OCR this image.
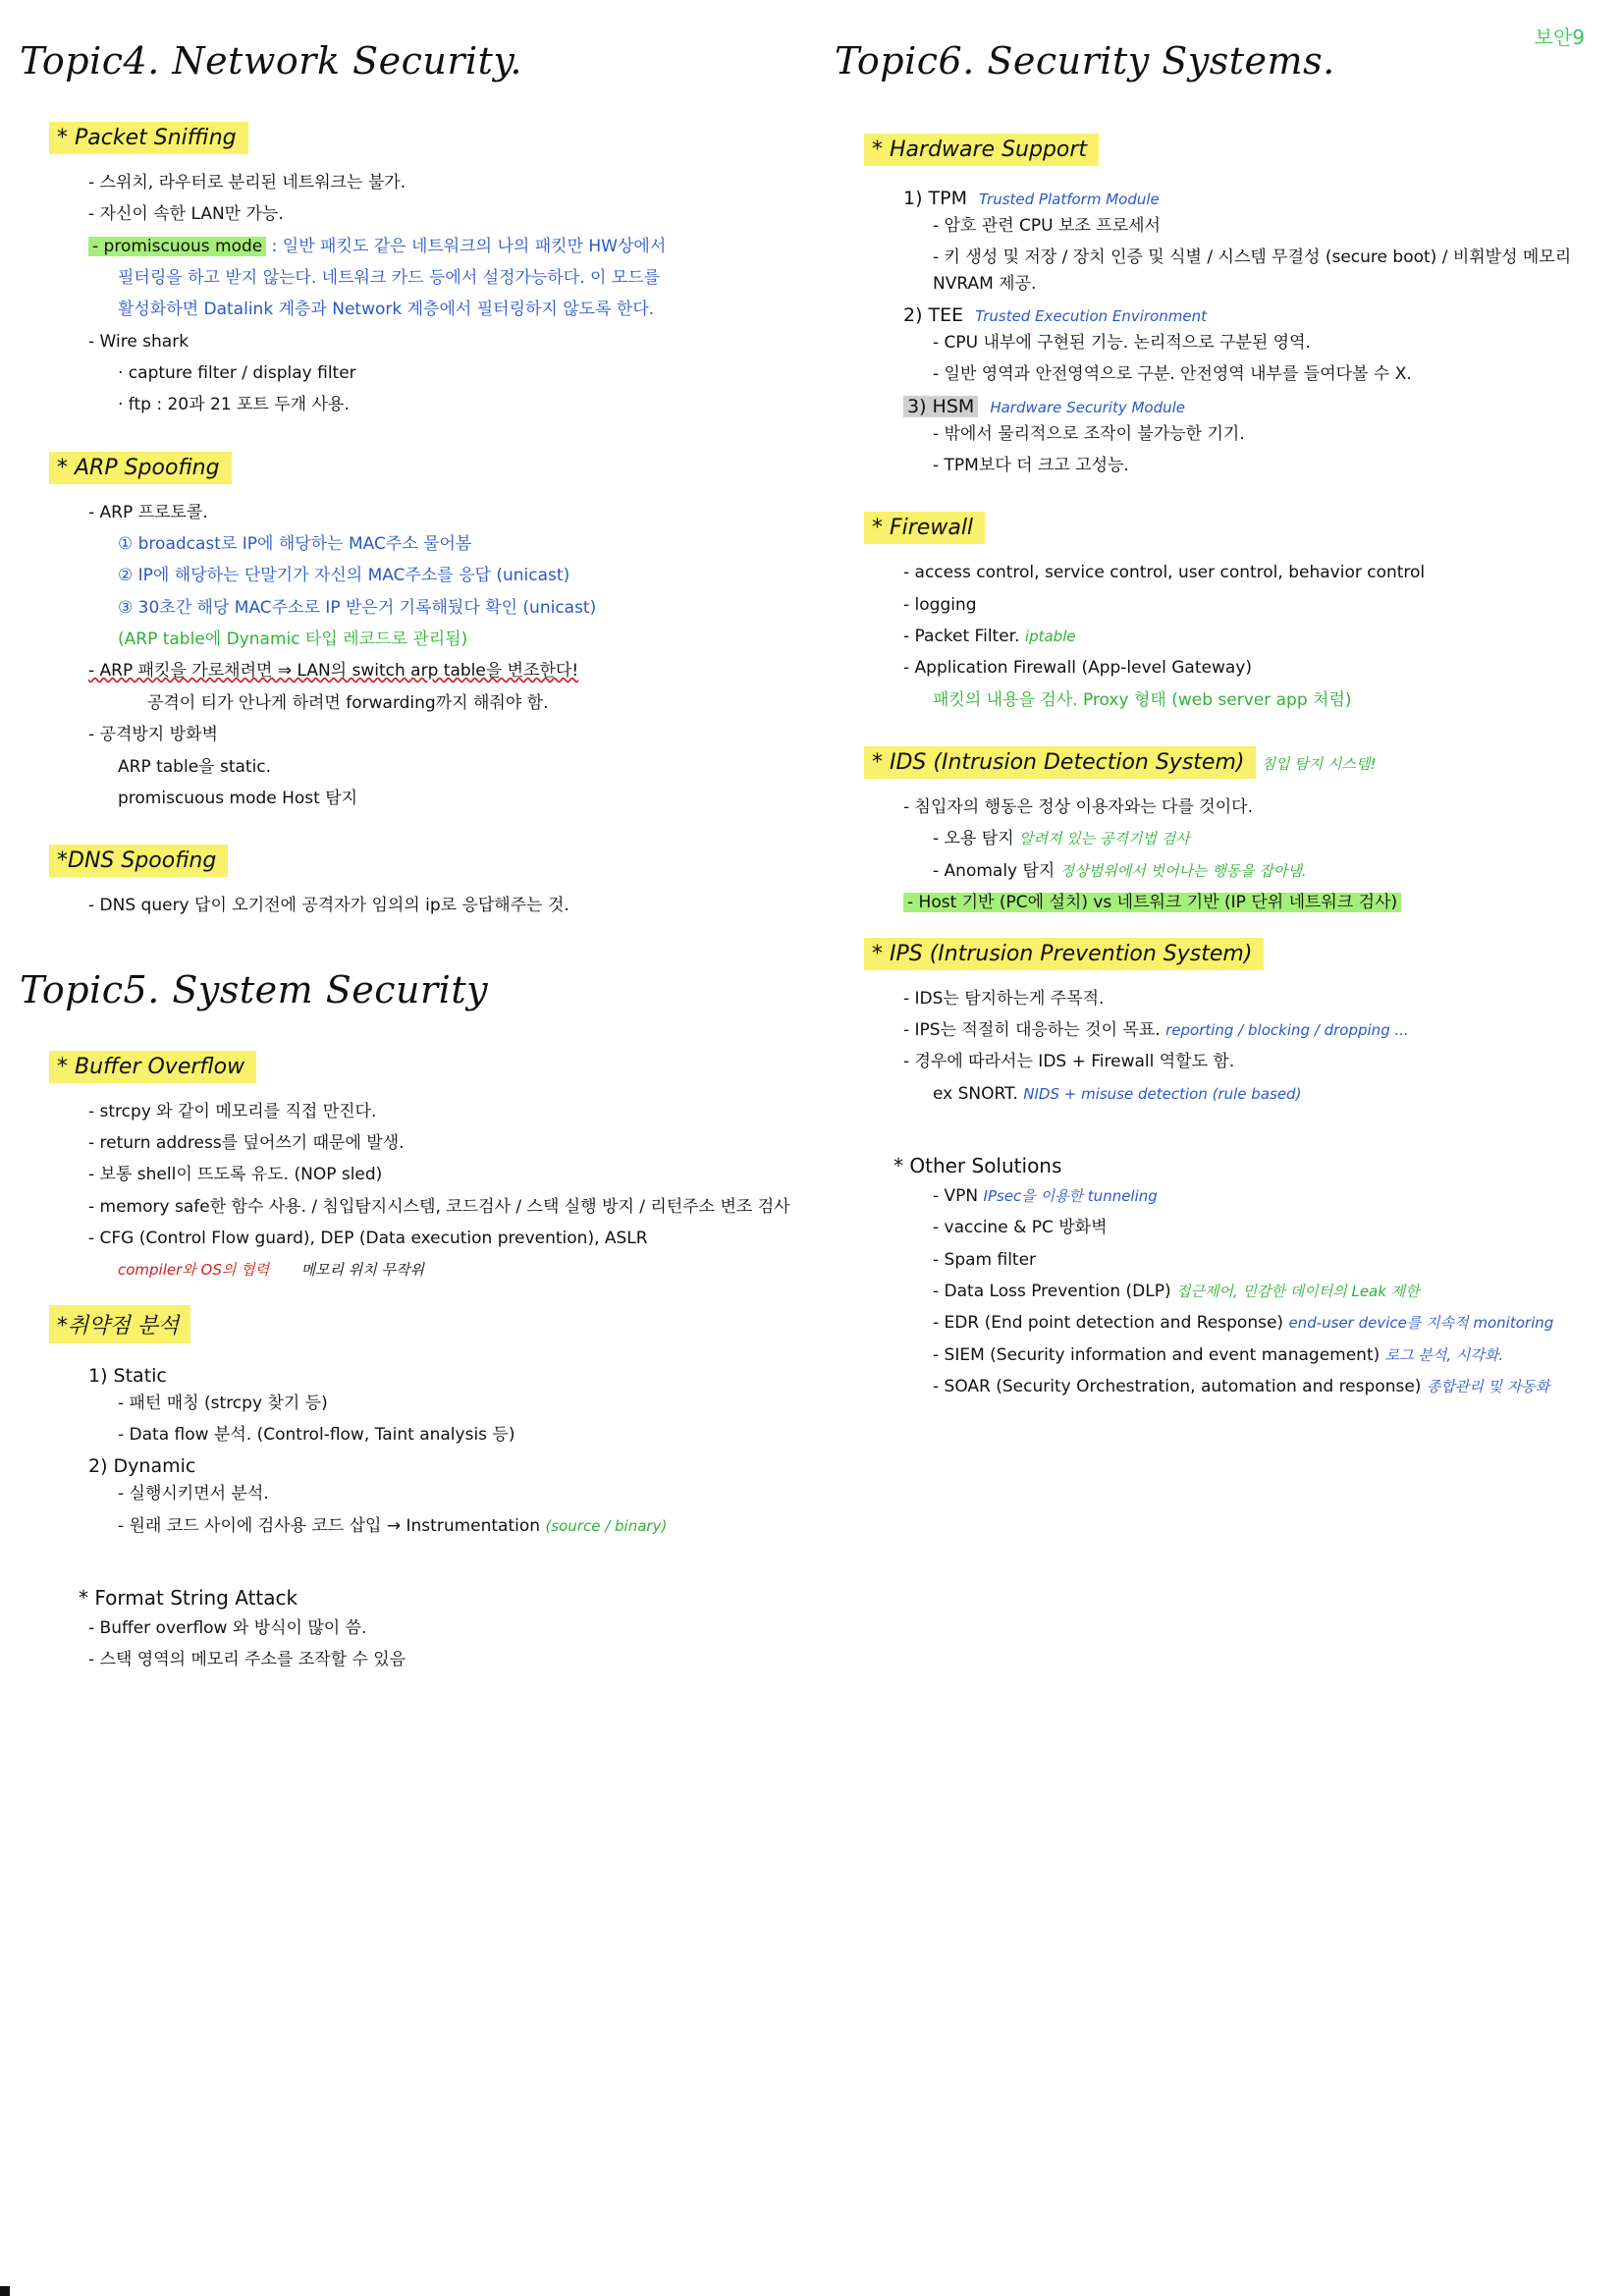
보안9
Topic4. Network Security.
* Packet Sniffing
- 스위치, 라우터로 분리된 네트워크는 불가.
- 자신이 속한 LAN만 가능.
- promiscuous mode : 일반 패킷도 같은 네트워크의 나의 패킷만 HW상에서
필터링을 하고 받지 않는다. 네트워크 카드 등에서 설정가능하다. 이 모드를
활성화하면 Datalink 계층과 Network 계층에서 필터링하지 않도록 한다.
- Wire shark
· capture filter / display filter
· ftp : 20과 21 포트 두개 사용.
* ARP Spoofing
- ARP 프로토콜.
① broadcast로 IP에 해당하는 MAC주소 물어봄
② IP에 해당하는 단말기가 자신의 MAC주소를 응답 (unicast)
③ 30초간 해당 MAC주소로 IP 받은거 기록해뒀다 확인 (unicast)
(ARP table에 Dynamic 타입 레코드로 관리됨)
- ARP 패킷을 가로채려면 ⇒ LAN의 switch arp table을 변조한다!
공격이 티가 안나게 하려면 forwarding까지 해줘야 함.
- 공격방지 방화벽
ARP table을 static.
promiscuous mode Host 탐지
*DNS Spoofing
- DNS query 답이 오기전에 공격자가 임의의 ip로 응답해주는 것.
Topic5. System Security
* Buffer Overflow
- strcpy 와 같이 메모리를 직접 만진다.
- return address를 덮어쓰기 때문에 발생.
- 보통 shell이 뜨도록 유도. (NOP sled)
- memory safe한 함수 사용. / 침입탐지시스템, 코드검사 / 스택 실행 방지 / 리턴주소 변조 검사
- CFG (Control Flow guard), DEP (Data execution prevention), ASLR
compiler와 OS의 협력 메모리 위치 무작위
*취약점 분석
1) Static
- 패턴 매칭 (strcpy 찾기 등)
- Data flow 분석. (Control-flow, Taint analysis 등)
2) Dynamic
- 실행시키면서 분석.
- 원래 코드 사이에 검사용 코드 삽입 → Instrumentation (source / binary)
* Format String Attack
- Buffer overflow 와 방식이 많이 씀.
- 스택 영역의 메모리 주소를 조작할 수 있음
Topic6. Security Systems.
* Hardware Support
1) TPM Trusted Platform Module
- 암호 관련 CPU 보조 프로세서
- 키 생성 및 저장 / 장치 인증 및 식별 / 시스템 무결성 (secure boot) / 비휘발성 메모리 NVRAM 제공.
2) TEE Trusted Execution Environment
- CPU 내부에 구현된 기능. 논리적으로 구분된 영역.
- 일반 영역과 안전영역으로 구분. 안전영역 내부를 들여다볼 수 X.
3) HSM Hardware Security Module
- 밖에서 물리적으로 조작이 불가능한 기기.
- TPM보다 더 크고 고성능.
* Firewall
- access control, service control, user control, behavior control
- logging
- Packet Filter. iptable
- Application Firewall (App-level Gateway)
패킷의 내용을 검사. Proxy 형태 (web server app 처럼)
* IDS (Intrusion Detection System) 침입 탐지 시스템!
- 침입자의 행동은 정상 이용자와는 다를 것이다.
- 오용 탐지 알려져 있는 공격기법 검사
- Anomaly 탐지 정상범위에서 벗어나는 행동을 잡아냄.
- Host 기반 (PC에 설치) vs 네트워크 기반 (IP 단위 네트워크 검사)
* IPS (Intrusion Prevention System)
- IDS는 탐지하는게 주목적.
- IPS는 적절히 대응하는 것이 목표. reporting / blocking / dropping ...
- 경우에 따라서는 IDS + Firewall 역할도 함.
ex SNORT. NIDS + misuse detection (rule based)
* Other Solutions
- VPN IPsec을 이용한 tunneling
- vaccine & PC 방화벽
- Spam filter
- Data Loss Prevention (DLP) 접근제어, 민감한 데이터의 Leak 제한
- EDR (End point detection and Response) end-user device를 지속적 monitoring
- SIEM (Security information and event management) 로그 분석, 시각화.
- SOAR (Security Orchestration, automation and response) 종합관리 및 자동화
